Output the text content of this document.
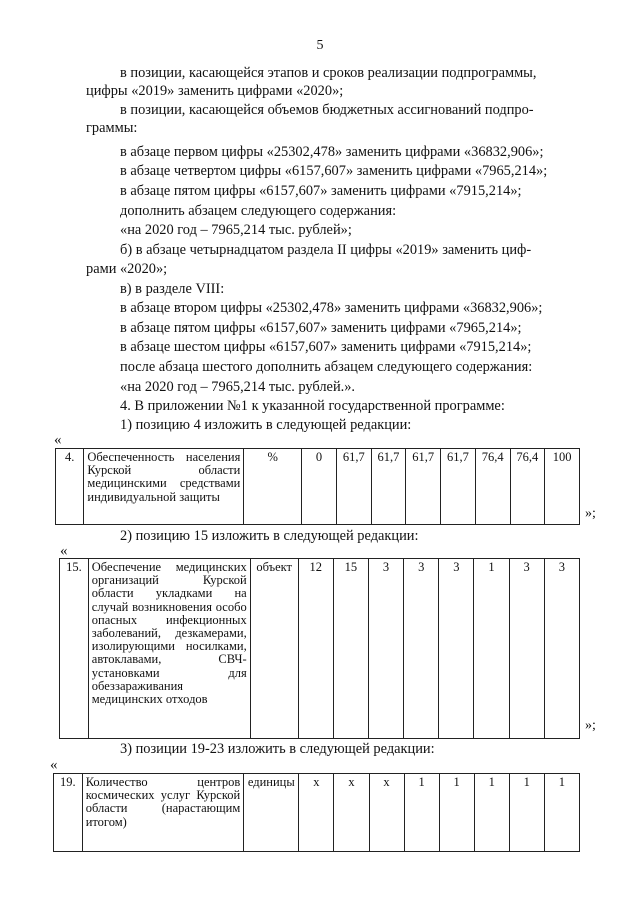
5
в позиции, касающейся этапов и сроков реализации подпрограммы,
цифры «2019» заменить цифрами «2020»;
в позиции, касающейся объемов бюджетных ассигнований подпро-
граммы:
в абзаце первом цифры «25302,478» заменить цифрами «36832,906»;
в абзаце четвертом цифры «6157,607» заменить цифрами «7965,214»;
в абзаце пятом цифры «6157,607» заменить цифрами «7915,214»;
дополнить абзацем следующего содержания:
«на 2020 год – 7965,214 тыс. рублей»;
б) в абзаце четырнадцатом раздела II цифры «2019» заменить циф-
рами «2020»;
в) в разделе VIII:
в абзаце втором цифры «25302,478» заменить цифрами «36832,906»;
в абзаце пятом цифры «6157,607» заменить цифрами «7965,214»;
в абзаце шестом цифры «6157,607» заменить цифрами «7915,214»;
после абзаца шестого дополнить абзацем следующего содержания:
«на 2020 год – 7965,214 тыс. рублей.».
4. В приложении №1 к указанной государственной программе:
1) позицию 4 изложить в следующей редакции:
«
4.	Обеспеченность населения Курской области медицинскими средствами индивидуальной защиты	%	0	61,7	61,7	61,7	61,7	76,4	76,4	100
»;
2) позицию 15 изложить в следующей редакции:
«
15.	Обеспечение медицинских организаций Курской области укладками на случай возникновения особо опасных инфекционных заболеваний, дезкамерами, изолирующими носилками, автоклавами, СВЧ-установками для обеззараживания медицинских отходов	объект	12	15	3	3	3	1	3	3
»;
3) позиции 19-23 изложить в следующей редакции:
«
19.	Количество центров космических услуг Курской области (нарастающим итогом)	единицы	x	x	x	1	1	1	1	1
